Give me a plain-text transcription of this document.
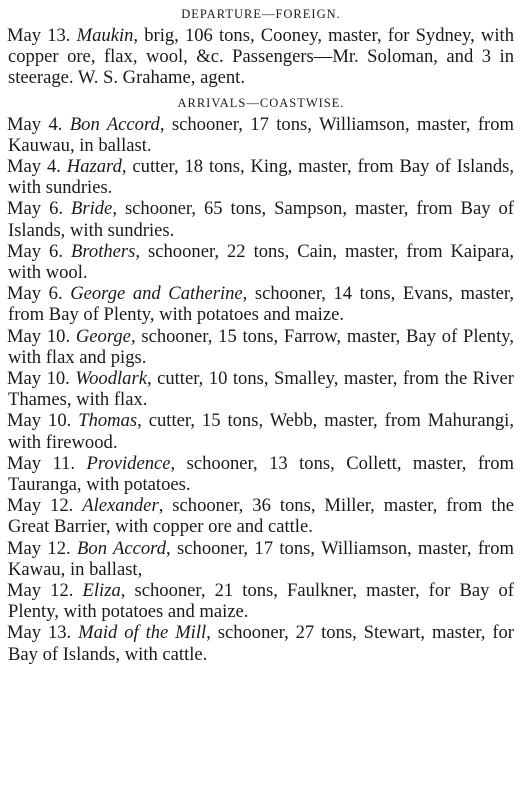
DEPARTURE—FOREIGN.

May 13. Maukin, brig, 106 tons, Cooney, master, for Sydney, with copper ore, flax, wool, &c. Passengers—Mr. Soloman, and 3 in steerage. W. S. Grahame, agent.

ARRIVALS—COASTWISE.

May 4. Bon Accord, schooner, 17 tons, Williamson, master, from Kauwau, in ballast.

May 4. Hazard, cutter, 18 tons, King, master, from Bay of Islands, with sundries.

May 6. Bride, schooner, 65 tons, Sampson, master, from Bay of Islands, with sundries.

May 6. Brothers, schooner, 22 tons, Cain, master, from Kaipara, with wool.

May 6. George and Catherine, schooner, 14 tons, Evans, master, from Bay of Plenty, with potatoes and maize.

May 10. George, schooner, 15 tons, Farrow, master, Bay of Plenty, with flax and pigs.

May 10. Woodlark, cutter, 10 tons, Smalley, master, from the River Thames, with flax.

May 10. Thomas, cutter, 15 tons, Webb, master, from Mahurangi, with firewood.

May 11. Providence, schooner, 13 tons, Collett, master, from Tauranga, with potatoes.

May 12. Alexander, schooner, 36 tons, Miller, master, from the Great Barrier, with copper ore and cattle.

May 12. Bon Accord, schooner, 17 tons, Williamson, master, from Kawau, in ballast,

May 12. Eliza, schooner, 21 tons, Faulkner, master, for Bay of Plenty, with potatoes and maize.

May 13. Maid of the Mill, schooner, 27 tons, Stewart, master, for Bay of Islands, with cattle.
